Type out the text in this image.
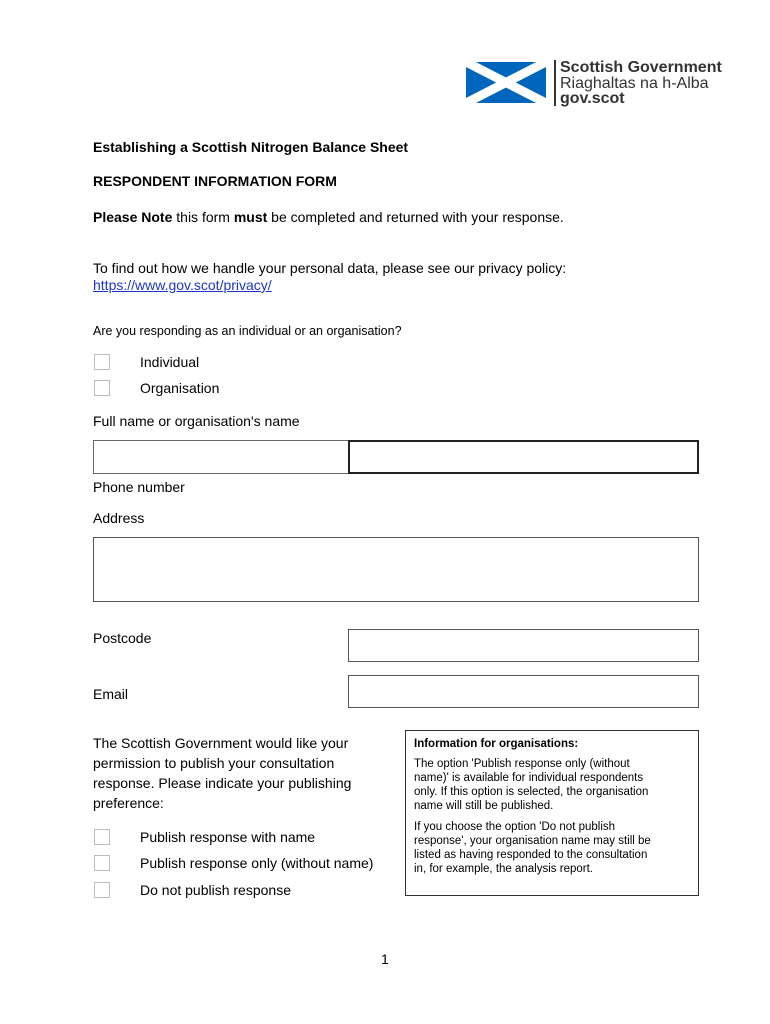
Scottish Government
Riaghaltas na h-Alba
gov.scot
Establishing a Scottish Nitrogen Balance Sheet
RESPONDENT INFORMATION FORM
Please Note this form must be completed and returned with your response.
To find out how we handle your personal data, please see our privacy policy:
https://www.gov.scot/privacy/
Are you responding as an individual or an organisation?
Individual
Organisation
Full name or organisation's name
Phone number
Address
Postcode
Email
The Scottish Government would like your
permission to publish your consultation
response. Please indicate your publishing
preference:
Publish response with name
Publish response only (without name)
Do not publish response
Information for organisations:
The option 'Publish response only (without
name)' is available for individual respondents
only. If this option is selected, the organisation
name will still be published.
If you choose the option 'Do not publish
response', your organisation name may still be
listed as having responded to the consultation
in, for example, the analysis report.
1
